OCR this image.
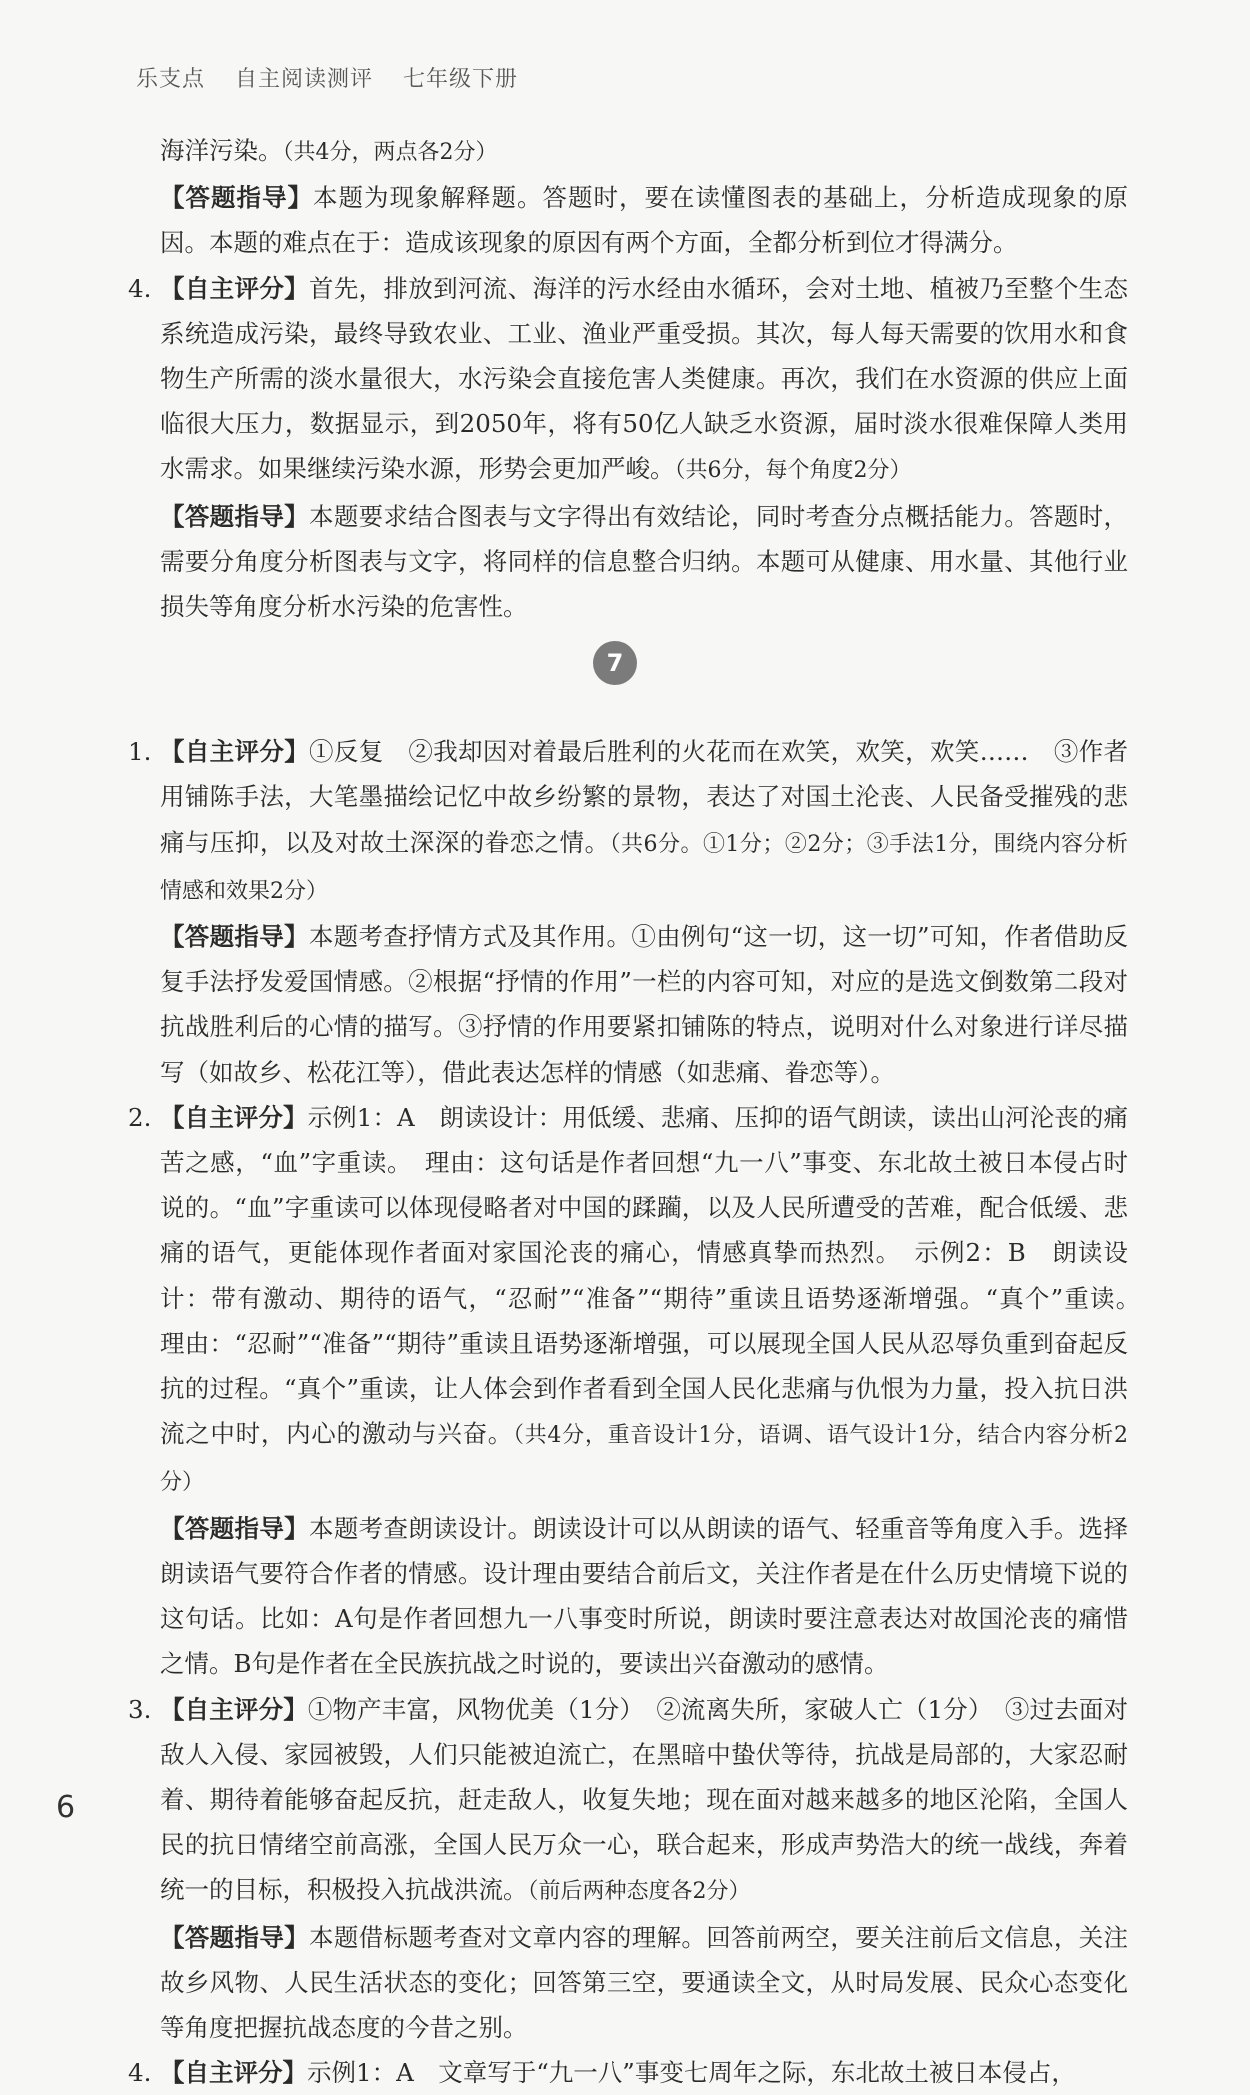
乐支点 自主阅读测评 七年级下册
海洋污染。（共4分，两点各2分）
【答题指导】本题为现象解释题。答题时，要在读懂图表的基础上，分析造成现象的原因。本题的难点在于：造成该现象的原因有两个方面，全都分析到位才得满分。
4. 【自主评分】首先，排放到河流、海洋的污水经由水循环，会对土地、植被乃至整个生态系统造成污染，最终导致农业、工业、渔业严重受损。其次，每人每天需要的饮用水和食物生产所需的淡水量很大，水污染会直接危害人类健康。再次，我们在水资源的供应上面临很大压力，数据显示，到2050年，将有50亿人缺乏水资源，届时淡水很难保障人类用水需求。如果继续污染水源，形势会更加严峻。（共6分，每个角度2分）
【答题指导】本题要求结合图表与文字得出有效结论，同时考查分点概括能力。答题时，需要分角度分析图表与文字，将同样的信息整合归纳。本题可从健康、用水量、其他行业损失等角度分析水污染的危害性。
7
1. 【自主评分】①反复　②我却因对着最后胜利的火花而在欢笑，欢笑，欢笑……　③作者用铺陈手法，大笔墨描绘记忆中故乡纷繁的景物，表达了对国土沦丧、人民备受摧残的悲痛与压抑，以及对故土深深的眷恋之情。（共6分。①1分；②2分；③手法1分，围绕内容分析情感和效果2分）
【答题指导】本题考查抒情方式及其作用。①由例句“这一切，这一切”可知，作者借助反复手法抒发爱国情感。②根据“抒情的作用”一栏的内容可知，对应的是选文倒数第二段对抗战胜利后的心情的描写。③抒情的作用要紧扣铺陈的特点，说明对什么对象进行详尽描写（如故乡、松花江等），借此表达怎样的情感（如悲痛、眷恋等）。
2. 【自主评分】示例1：A　朗读设计：用低缓、悲痛、压抑的语气朗读，读出山河沦丧的痛苦之感，“血”字重读。　理由：这句话是作者回想“九一八”事变、东北故土被日本侵占时说的。“血”字重读可以体现侵略者对中国的蹂躏，以及人民所遭受的苦难，配合低缓、悲痛的语气，更能体现作者面对家国沦丧的痛心，情感真挚而热烈。　示例2：B　朗读设计：带有激动、期待的语气，“忍耐”“准备”“期待”重读且语势逐渐增强。“真个”重读。　理由：“忍耐”“准备”“期待”重读且语势逐渐增强，可以展现全国人民从忍辱负重到奋起反抗的过程。“真个”重读，让人体会到作者看到全国人民化悲痛与仇恨为力量，投入抗日洪流之中时，内心的激动与兴奋。（共4分，重音设计1分，语调、语气设计1分，结合内容分析2分）
【答题指导】本题考查朗读设计。朗读设计可以从朗读的语气、轻重音等角度入手。选择朗读语气要符合作者的情感。设计理由要结合前后文，关注作者是在什么历史情境下说的这句话。比如：A句是作者回想九一八事变时所说，朗读时要注意表达对故国沦丧的痛惜之情。B句是作者在全民族抗战之时说的，要读出兴奋激动的感情。
3. 【自主评分】①物产丰富，风物优美（1分）　②流离失所，家破人亡（1分）　③过去面对敌人入侵、家园被毁，人们只能被迫流亡，在黑暗中蛰伏等待，抗战是局部的，大家忍耐着、期待着能够奋起反抗，赶走敌人，收复失地；现在面对越来越多的地区沦陷，全国人民的抗日情绪空前高涨，全国人民万众一心，联合起来，形成声势浩大的统一战线，奔着统一的目标，积极投入抗战洪流。（前后两种态度各2分）
【答题指导】本题借标题考查对文章内容的理解。回答前两空，要关注前后文信息，关注故乡风物、人民生活状态的变化；回答第三空，要通读全文，从时局发展、民众心态变化等角度把握抗战态度的今昔之别。
4. 【自主评分】示例1：A　文章写于“九一八”事变七周年之际，东北故土被日本侵占，
6
